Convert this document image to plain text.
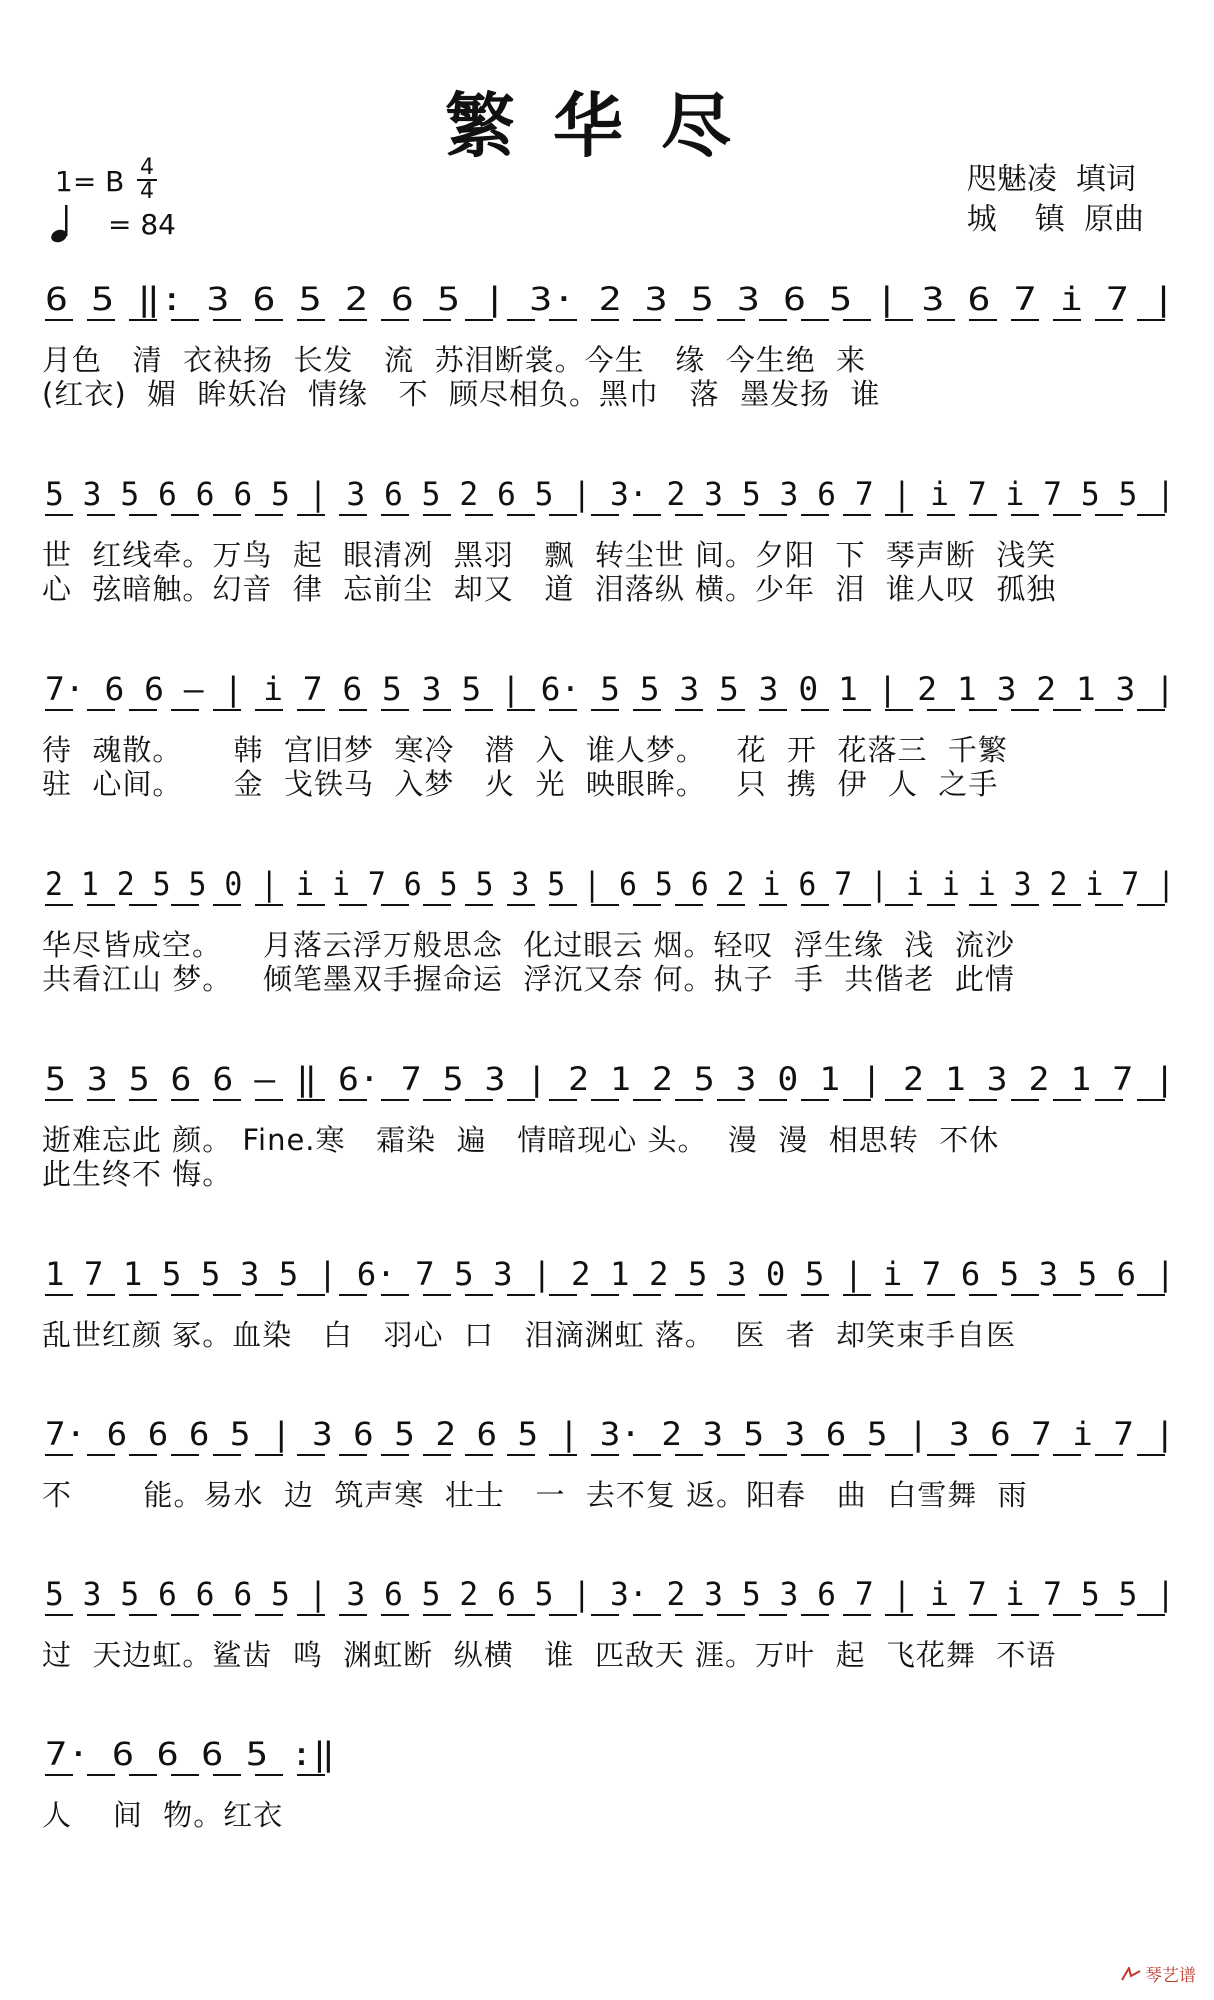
繁华尽
1= B 4
4
= 84
咫魅凌  填词
城    镇  原曲
6 5 ‖: 3 6 5 2 6 5 | 3· 2 3 5 3 6 5 | 3 6 7 i 7 |
月色   清  衣袂扬  长发   流  苏泪断裳。今生   缘  今生绝  来
(红衣)  媚  眸妖冶  情缘   不  顾尽相负。黑巾   落  墨发扬  谁
5 3 5 6 6 6 5 | 3 6 5 2 6 5 | 3· 2 3 5 3 6 7 | i 7 i 7 5 5 |
世  红线牵。万鸟  起  眼清冽  黑羽   飘  转尘世 间。夕阳  下  琴声断  浅笑
心  弦暗触。幻音  律  忘前尘  却又   道  泪落纵 横。少年  泪  谁人叹  孤独
7· 6 6 — | i 7 6 5 3 5 | 6· 5 5 3 5 3 0 1 | 2 1 3 2 1 3 |
待  魂散。     韩  宫旧梦  寒冷   潜  入  谁人梦。   花  开  花落三  千繁
驻  心间。     金  戈铁马  入梦   火  光  映眼眸。   只  携  伊  人  之手
2 1 2 5 5 0 | i i 7 6 5 5 3 5 | 6 5 6 2 i 6 7 | i i i 3 2 i 7 |
华尽皆成空。    月落云浮万般思念  化过眼云 烟。轻叹  浮生缘  浅  流沙
共看江山 梦。   倾笔墨双手握命运  浮沉又奈 何。执子  手  共偕老  此情
5 3 5 6 6 — ‖ 6· 7 5 3 | 2 1 2 5 3 0 1 | 2 1 3 2 1 7 |
逝难忘此 颜。 Fine.寒   霜染  遍   情暗现心 头。  漫  漫  相思转  不休
此生终不 悔。
1 7 1 5 5 3 5 | 6· 7 5 3 | 2 1 2 5 3 0 5 | i 7 6 5 3 5 6 |
乱世红颜 冢。血染   白   羽心  口   泪滴渊虹 落。  医  者  却笑束手自医
7· 6 6 6 5 | 3 6 5 2 6 5 | 3· 2 3 5 3 6 5 | 3 6 7 i 7 |
不       能。易水  边  筑声寒  壮士   一  去不复 返。阳春   曲  白雪舞  雨
5 3 5 6 6 6 5 | 3 6 5 2 6 5 | 3· 2 3 5 3 6 7 | i 7 i 7 5 5 |
过  天边虹。鲨齿  鸣  渊虹断  纵横   谁  匹敌天 涯。万叶  起  飞花舞  不语
7· 6 6 6 5 :‖
人    间  物。红衣
琴艺谱
